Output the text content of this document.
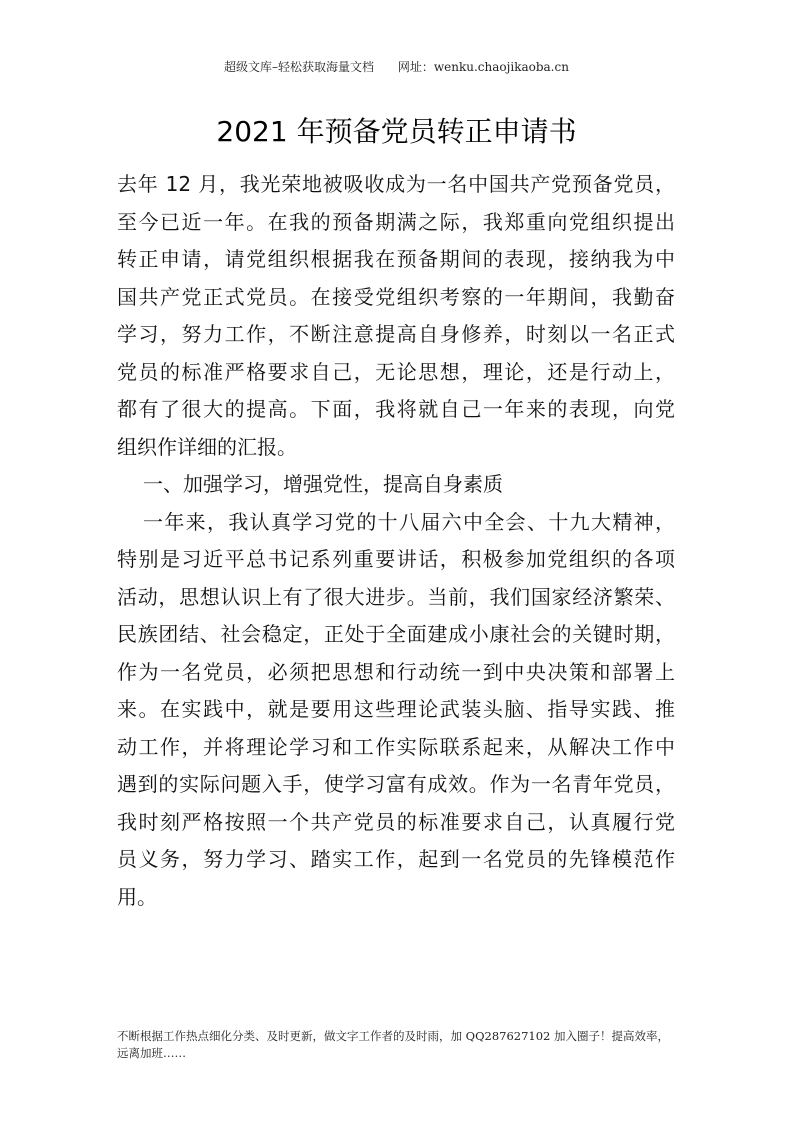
超级文库–轻松获取海量文档 网址：wenku.chaojikaoba.cn
2021 年预备党员转正申请书
去年 12 月，我光荣地被吸收成为一名中国共产党预备党员，
至今已近一年。在我的预备期满之际，我郑重向党组织提出
转正申请，请党组织根据我在预备期间的表现，接纳我为中
国共产党正式党员。在接受党组织考察的一年期间，我勤奋
学习，努力工作，不断注意提高自身修养，时刻以一名正式
党员的标准严格要求自己，无论思想，理论，还是行动上，
都有了很大的提高。下面，我将就自己一年来的表现，向党
组织作详细的汇报。
一、加强学习，增强党性，提高自身素质
一年来，我认真学习党的十八届六中全会、十九大精神，
特别是习近平总书记系列重要讲话，积极参加党组织的各项
活动，思想认识上有了很大进步。当前，我们国家经济繁荣、
民族团结、社会稳定，正处于全面建成小康社会的关键时期，
作为一名党员，必须把思想和行动统一到中央决策和部署上
来。在实践中，就是要用这些理论武装头脑、指导实践、推
动工作，并将理论学习和工作实际联系起来，从解决工作中
遇到的实际问题入手，使学习富有成效。作为一名青年党员，
我时刻严格按照一个共产党员的标准要求自己，认真履行党
员义务，努力学习、踏实工作，起到一名党员的先锋模范作
用。
不断根据工作热点细化分类、及时更新，做文字工作者的及时雨，加 QQ287627102 加入圈子！提高效率，
远离加班……
